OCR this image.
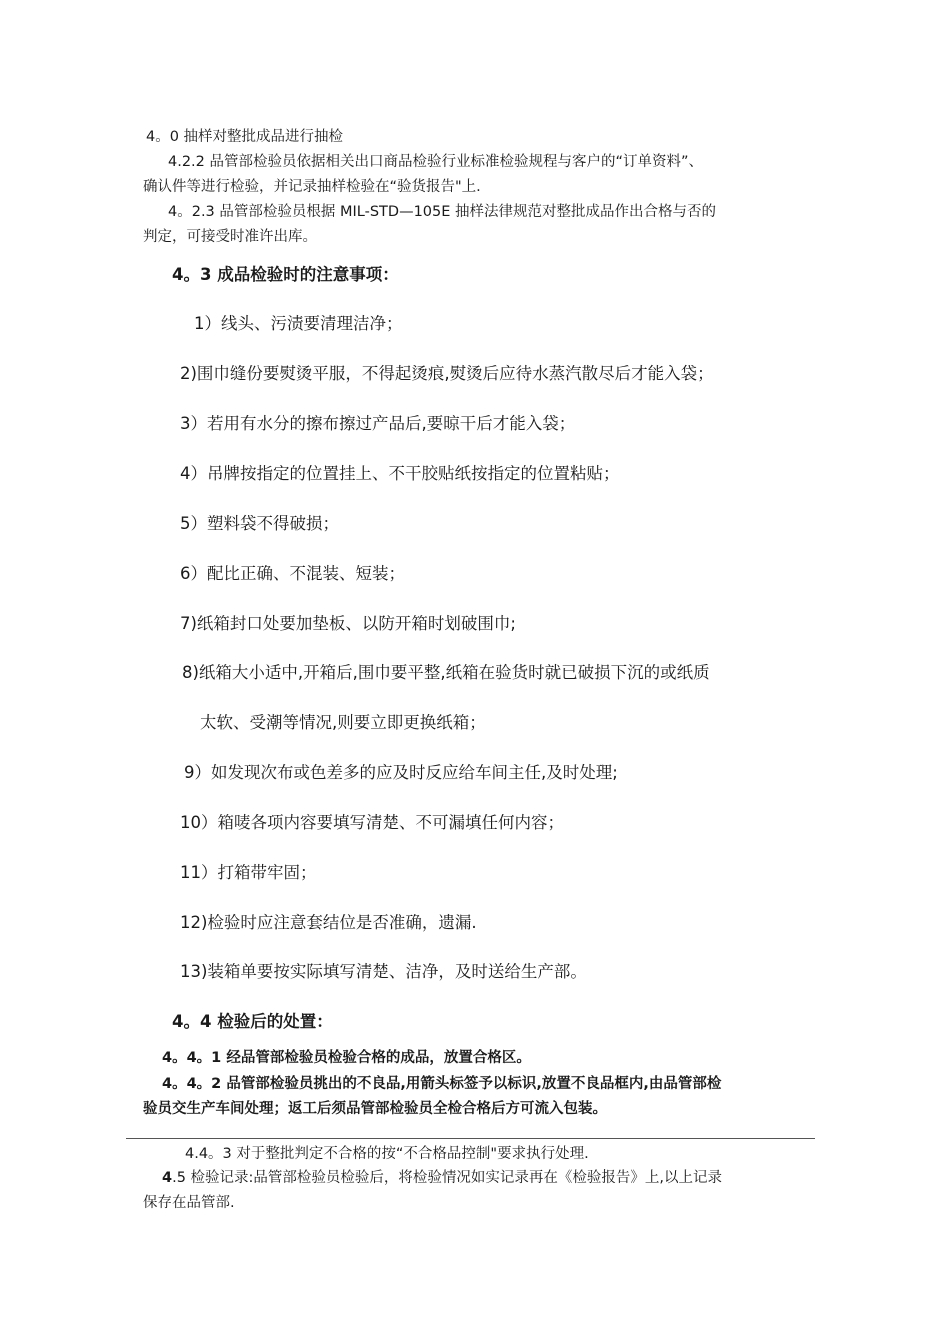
4。0 抽样对整批成品进行抽检
4.2.2 品管部检验员依据相关出口商品检验行业标准检验规程与客户的“订单资料”、
确认件等进行检验，并记录抽样检验在“验货报告"上.
4。2.3 品管部检验员根据 MIL-STD—105E 抽样法律规范对整批成品作出合格与否的
判定，可接受时准许出库。
4。3 成品检验时的注意事项：
1）线头、污渍要清理洁净；
2)围巾缝份要熨烫平服，不得起烫痕,熨烫后应待水蒸汽散尽后才能入袋；
3）若用有水分的擦布擦过产品后,要晾干后才能入袋；
4）吊牌按指定的位置挂上、不干胶贴纸按指定的位置粘贴；
5）塑料袋不得破损；
6）配比正确、不混装、短装；
7)纸箱封口处要加垫板、以防开箱时划破围巾;
8)纸箱大小适中,开箱后,围巾要平整,纸箱在验货时就已破损下沉的或纸质
太软、受潮等情况,则要立即更换纸箱；
9）如发现次布或色差多的应及时反应给车间主任,及时处理;
10）箱唛各项内容要填写清楚、不可漏填任何内容；
11）打箱带牢固；
12)检验时应注意套结位是否准确，遗漏.
13)装箱单要按实际填写清楚、洁净，及时送给生产部。
4。4 检验后的处置：
4。4。1 经品管部检验员检验合格的成品，放置合格区。
4。4。2 品管部检验员挑出的不良品,用箭头标签予以标识,放置不良品框内,由品管部检
验员交生产车间处理；返工后须品管部检验员全检合格后方可流入包装。
4.4。3 对于整批判定不合格的按“不合格品控制"要求执行处理.
4.5 检验记录:品管部检验员检验后，将检验情况如实记录再在《检验报告》上,以上记录
保存在品管部.
